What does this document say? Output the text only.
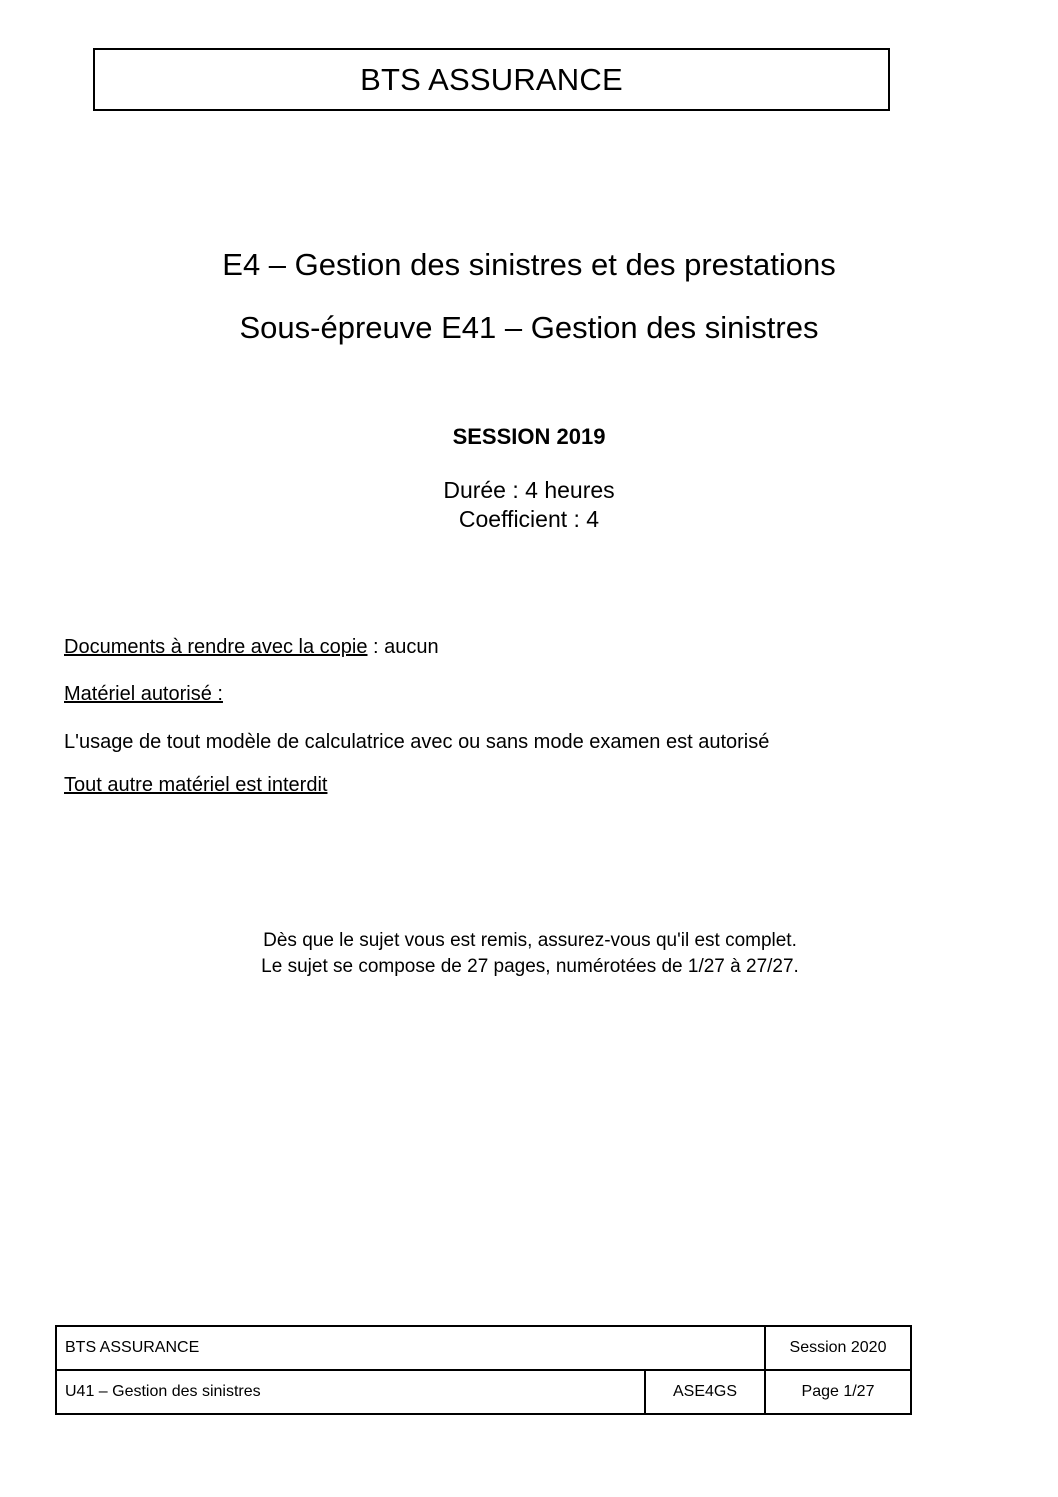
BTS ASSURANCE
E4 – Gestion des sinistres et des prestations
Sous-épreuve E41 – Gestion des sinistres
SESSION 2019
Durée : 4 heures
Coefficient : 4
Documents à rendre avec la copie : aucun
Matériel autorisé :
L'usage de tout modèle de calculatrice avec ou sans mode examen est autorisé
Tout autre matériel est interdit
Dès que le sujet vous est remis, assurez-vous qu'il est complet.
Le sujet se compose de 27 pages, numérotées de 1/27 à 27/27.
BTS ASSURANCE	Session 2020
U41 – Gestion des sinistres	ASE4GS	Page 1/27
